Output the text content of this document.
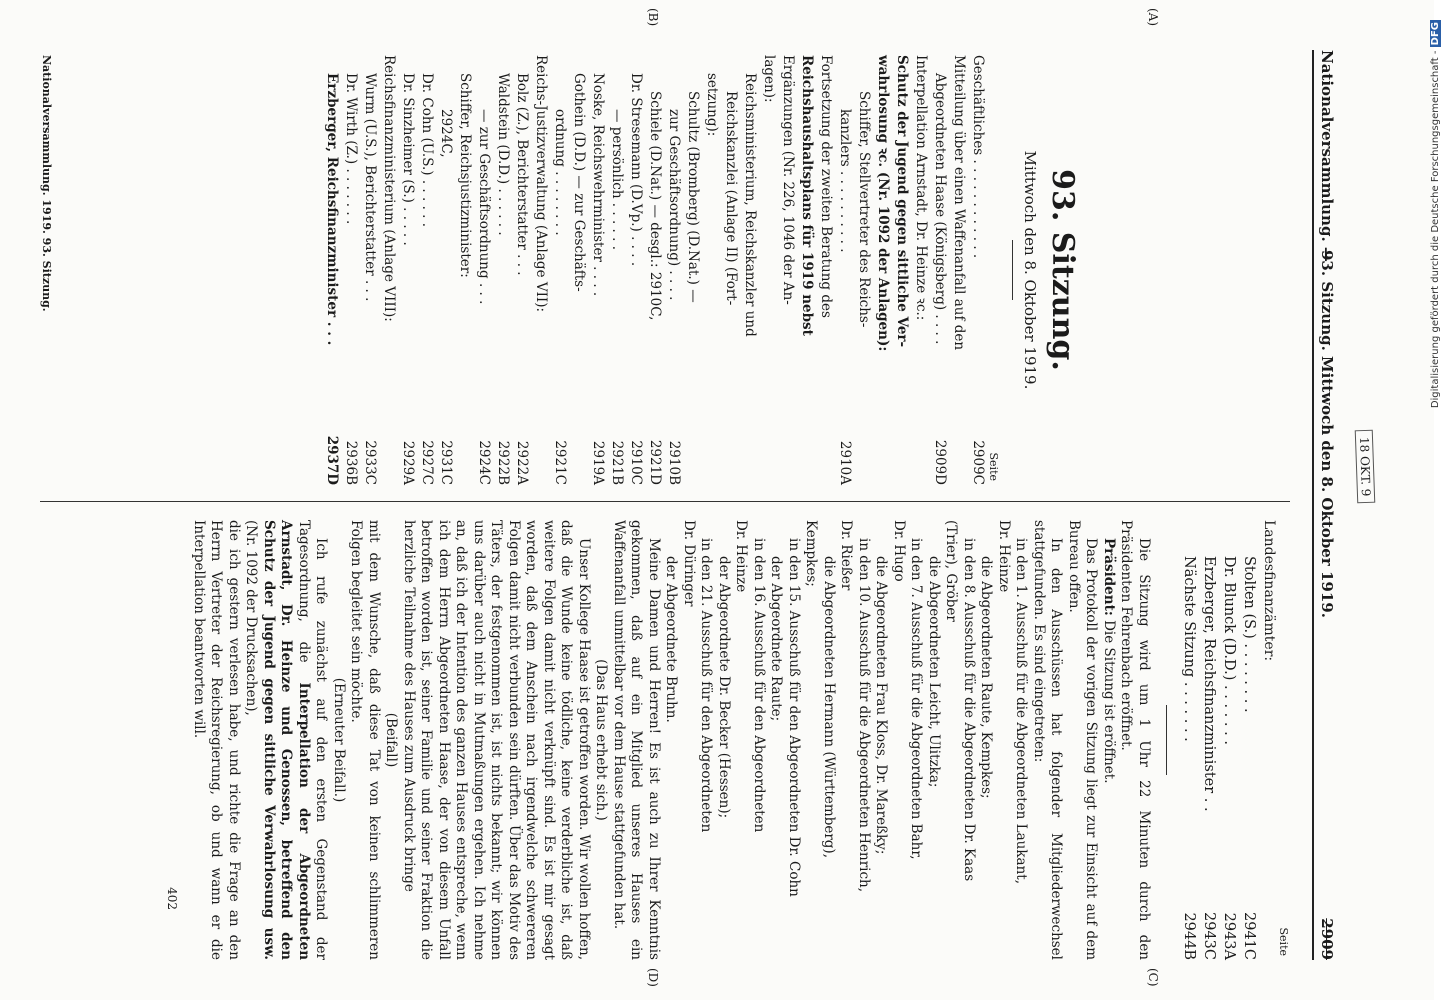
18 OKT. 9
Nationalversammlung. —
93. Sitzung. Mittwoch den 8. Oktober 1919.
2909
(A)
(B)
(C)
(D)
93. Sitzung.
Mittwoch den 8. Oktober 1919.
Seite
Geschäftliches . . . . . . . . . . . .
2909C
Mitteilung über einen Waffenanfall auf den
Abgeordneten Haase (Königsberg) . . . .
2909D
Interpellation Arnstadt, Dr. Heinze ꝛc.:
Schutz der Jugend gegen sittliche Ver-
wahrlosung ꝛc. (Nr. 1092 der Anlagen):
Schiffer, Stellvertreter des Reichs-
kanzlers . . . . . . . . . .
2910A
Fortsetzung der zweiten Beratung des
Reichshaushaltsplans für 1919 nebst
Ergänzungen (Nr. 226, 1046 der An-
lagen):
Reichsministerium, Reichskanzler und
Reichskanzlei (Anlage II) (Fort-
setzung):
Schultz (Bromberg) (D.Nat.) —
zur Geschäftsordnung) . . . .
2910B
Schiele (D.Nat.) — desgl.: 2910C,
2921D
Dr. Stresemann (D.Vp.) . . . .
2910C
— persönlich . . . . . .
2921B
Noske, Reichswehrminister . . . .
2919A
Gothein (D.D.) — zur Geschäfts-
ordnung . . . . . . . .
2921C
Reichs-Justizverwaltung (Anlage VII):
Bolz (Z.), Berichterstatter . . .
2922A
Waldstein (D.D.) . . . . . .
2922B
— zur Geschäftsordnung . . .
2924C
Schiffer, Reichsjustizminister:
2924C,
2931C
Dr. Cohn (U.S.) . . . . . .
2927C
Dr. Sinzheimer (S.) . . . . .
2929A
Reichsfinanzministerium (Anlage VIII):
Wurm (U.S.), Berichterstatter . . .
2933C
Dr. Wirth (Z.) . . . . . . .
2936B
Erzberger, Reichsfinanzminister . . .
2937D
Seite
Landesfinanzämter:
Stolten (S.) . . . . . . . .
2941C
Dr. Blunck (D.D.) . . . . . . .
2943A
Erzberger, Reichsfinanzminister . .
2943C
Nächste Sitzung . . . . . . .
2944B

Die Sitzung wird um 1 Uhr 22 Minuten durch den Präsidenten Fehrenbach eröffnet.

Präsident: Die Sitzung ist eröffnet.

Das Protokoll der vorigen Sitzung liegt zur Einsicht auf dem Bureau offen.

In den Ausschüssen hat folgender Mitgliederwechsel stattgefunden. Es sind eingetreten:

in den 1. Ausschuß für die Abgeordneten Laukant,

Dr. Heinze

die Abgeordneten Raute, Kempkes;

in den 8. Ausschuß für die Abgeordneten Dr. Kaas

(Trier), Gröber

die Abgeordneten Leicht, Ulitzka;

in den 7. Ausschuß für die Abgeordneten Bahr,

Dr. Hugo

die Abgeordneten Frau Kloss, Dr. Mareßky;

in den 10. Ausschuß für die Abgeordneten Henrich,

Dr. Rießer

die Abgeordneten Hermann (Württemberg),

Kempkes;

in den 15. Ausschuß für den Abgeordneten Dr. Cohn

der Abgeordnete Raute;

in den 16. Ausschuß für den Abgeordneten

Dr. Heinze

der Abgeordnete Dr. Becker (Hessen);

in den 21. Ausschuß für den Abgeordneten

Dr. Düringer

der Abgeordnete Bruhn.

Meine Damen und Herren! Es ist auch zu Ihrer Kenntnis gekommen, daß auf ein Mitglied unseres Hauses ein Waffenanfall unmittelbar vor dem Hause stattgefunden hat.

(Das Haus erhebt sich.)

Unser Kollege Haase ist getroffen worden. Wir wollen hoffen, daß die Wunde keine tödliche, keine verderbliche ist, daß weitere Folgen damit nicht verknüpft sind. Es ist mir gesagt worden, daß dem Anschein nach irgendwelche schwereren Folgen damit nicht verbunden sein dürften. Über das Motiv des Täters, der festgenommen ist, ist nichts bekannt; wir können uns darüber auch nicht in Mutmaßungen ergehen. Ich nehme an, daß ich der Intention des ganzen Hauses entspreche, wenn ich dem Herrn Abgeordneten Haase, der von diesem Unfall betroffen worden ist, seiner Familie und seiner Fraktion die herzliche Teilnahme des Hauses zum Ausdruck bringe

(Beifall)

mit dem Wunsche, daß diese Tat von keinen schlimmeren Folgen begleitet sein möchte.

(Erneuter Beifall.)

Ich rufe zunächst auf den ersten Gegenstand der Tagesordnung, die Interpellation der Abgeordneten Arnstadt, Dr. Heinze und Genossen, betreffend den Schutz der Jugend gegen sittliche Verwahrlosung usw. (Nr. 1092 der Drucksachen),

die ich gestern verlesen habe, und richte die Frage an den Herrn Vertreter der Reichsregierung, ob und wann er die Interpellation beantworten will.

402
Nationalversammlung. 1919. 93. Sitzung.	Digitalisierung gefördert durch die Deutsche Forschungsgemeinschaft - DFG
